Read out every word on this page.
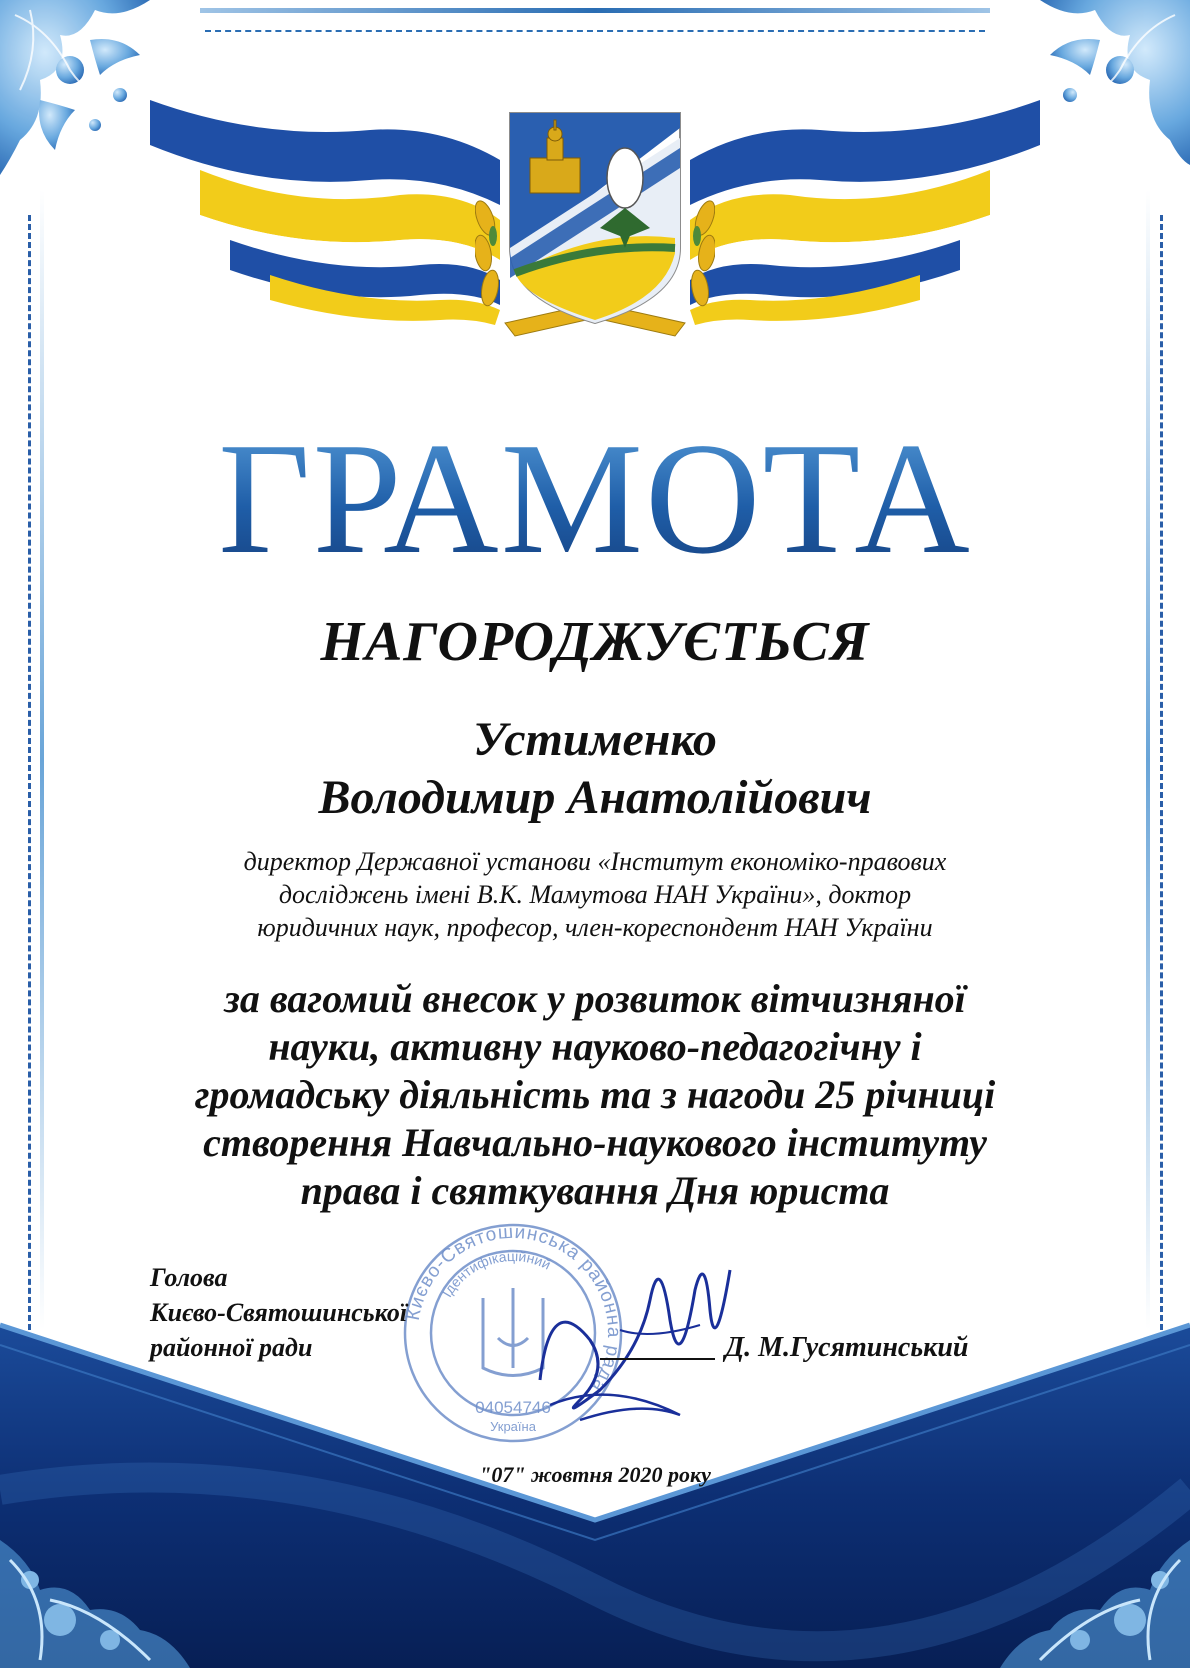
ГРАМОТА
НАГОРОДЖУЄТЬСЯ
Устименко
Володимир Анатолійович
директор Державної установи «Інститут економіко-правових
досліджень імені В.К. Мамутова НАН України», доктор
юридичних наук, професор, член-кореспондент НАН України
за вагомий внесок у розвиток вітчизняної
науки, активну науково-педагогічну і
громадську діяльність та з нагоди 25 річниці
створення Навчально-наукового інституту
права і святкування Дня юриста
Києво-Святошинська районна рада
Ідентифікаційний
04054746
Україна
Голова
Києво-Святошинської
районної ради	Д. М.Гусятинський
"07" жовтня 2020 року
